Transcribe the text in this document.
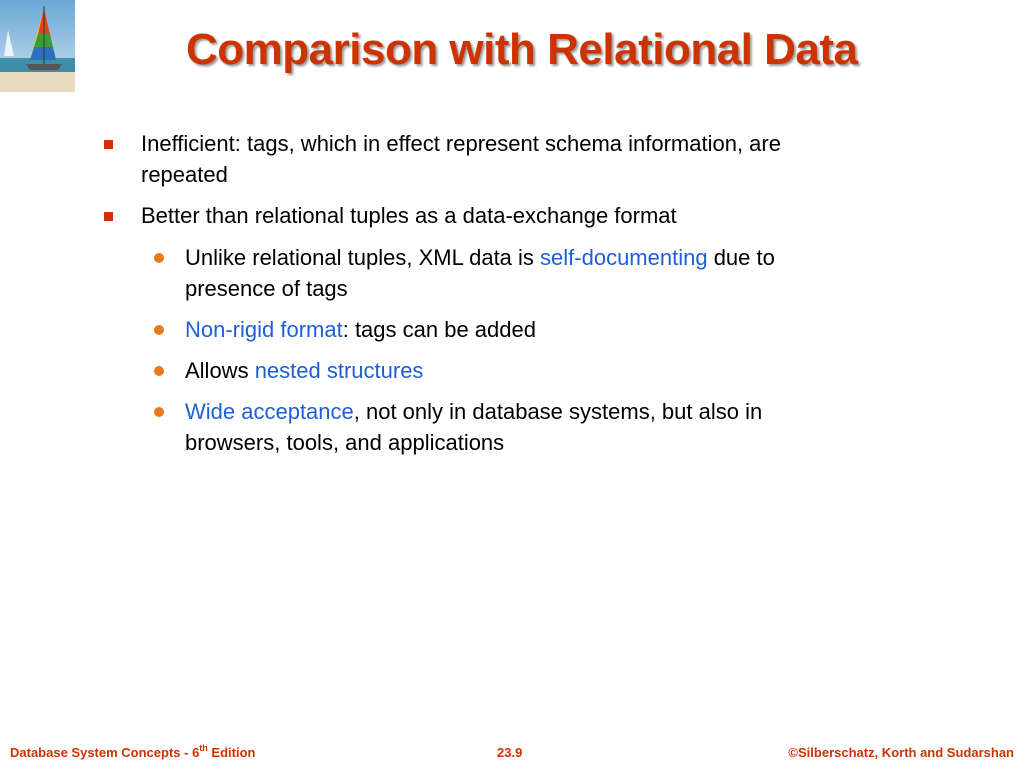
Comparison with Relational Data
Inefficient: tags, which in effect represent schema information, are
repeated
Better than relational tuples as a data-exchange format
Unlike relational tuples, XML data is self-documenting due to
presence of tags
Non-rigid format: tags can be added
Allows nested structures
Wide acceptance, not only in database systems, but also in
browsers, tools, and applications
Database System Concepts - 6th Edition	23.9	©Silberschatz, Korth and Sudarshan
